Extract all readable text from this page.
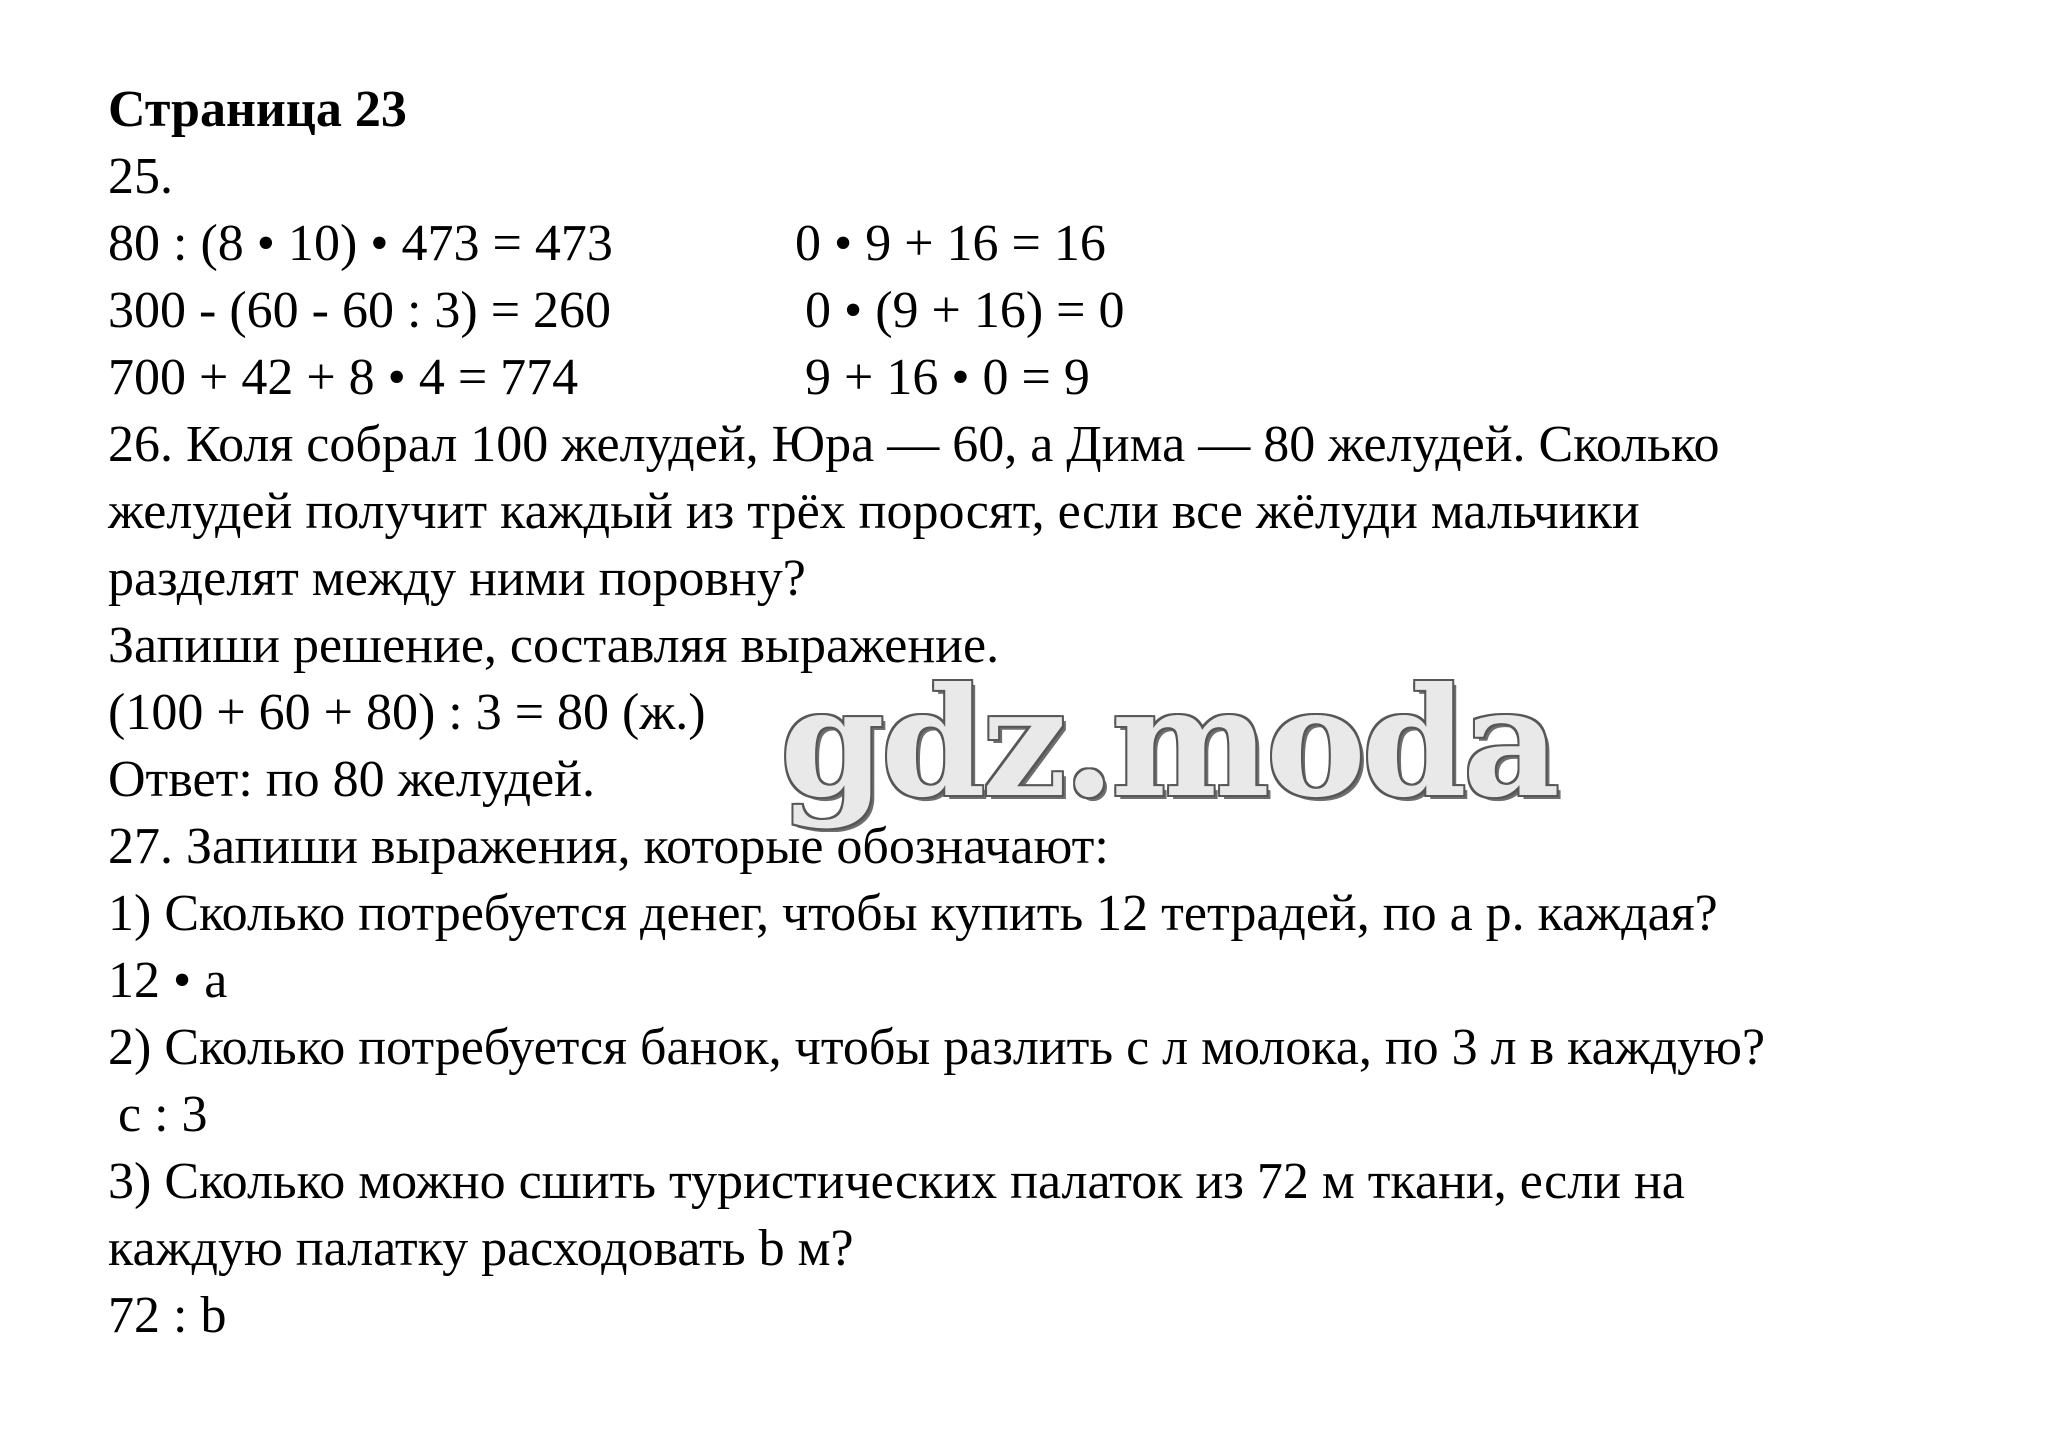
Страница 23
25.
80 : (8 • 10) • 473 = 473	0 • 9 + 16 = 16
300 - (60 - 60 : 3) = 260	0 • (9 + 16) = 0
700 + 42 + 8 • 4 = 774	9 + 16 • 0 = 9
26. Коля собрал 100 желудей, Юра — 60, а Дима — 80 желудей. Сколько
желудей получит каждый из трёх поросят, если все жёлуди мальчики
разделят между ними поровну?
Запиши решение, составляя выражение.
(100 + 60 + 80) : 3 = 80 (ж.)
Ответ: по 80 желудей.
27. Запиши выражения, которые обозначают:
1) Сколько потребуется денег, чтобы купить 12 тетрадей, по а р. каждая?
12 • а
2) Сколько потребуется банок, чтобы разлить с л молока, по 3 л в каждую?
с : 3
3) Сколько можно сшить туристических палаток из 72 м ткани, если на
каждую палатку расходовать b м?
72 : b
gdz.moda
